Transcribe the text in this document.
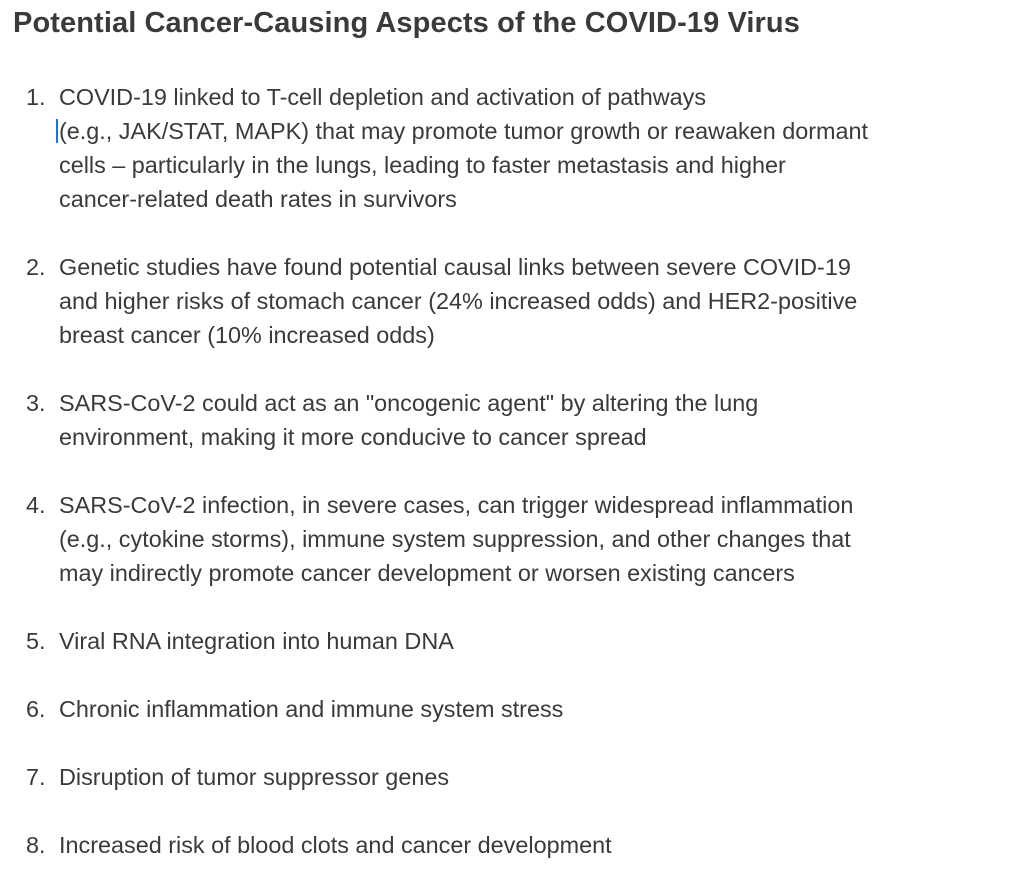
Potential Cancer-Causing Aspects of the COVID-19 Virus
1. COVID-19 linked to T-cell depletion and activation of pathways
(e.g., JAK/STAT, MAPK) that may promote tumor growth or reawaken dormant
cells – particularly in the lungs, leading to faster metastasis and higher
cancer-related death rates in survivors
2. Genetic studies have found potential causal links between severe COVID-19
and higher risks of stomach cancer (24% increased odds) and HER2-positive
breast cancer (10% increased odds)
3. SARS-CoV-2 could act as an "oncogenic agent" by altering the lung
environment, making it more conducive to cancer spread
4. SARS-CoV-2 infection, in severe cases, can trigger widespread inflammation
(e.g., cytokine storms), immune system suppression, and other changes that
may indirectly promote cancer development or worsen existing cancers
5. Viral RNA integration into human DNA
6. Chronic inflammation and immune system stress
7. Disruption of tumor suppressor genes
8. Increased risk of blood clots and cancer development
